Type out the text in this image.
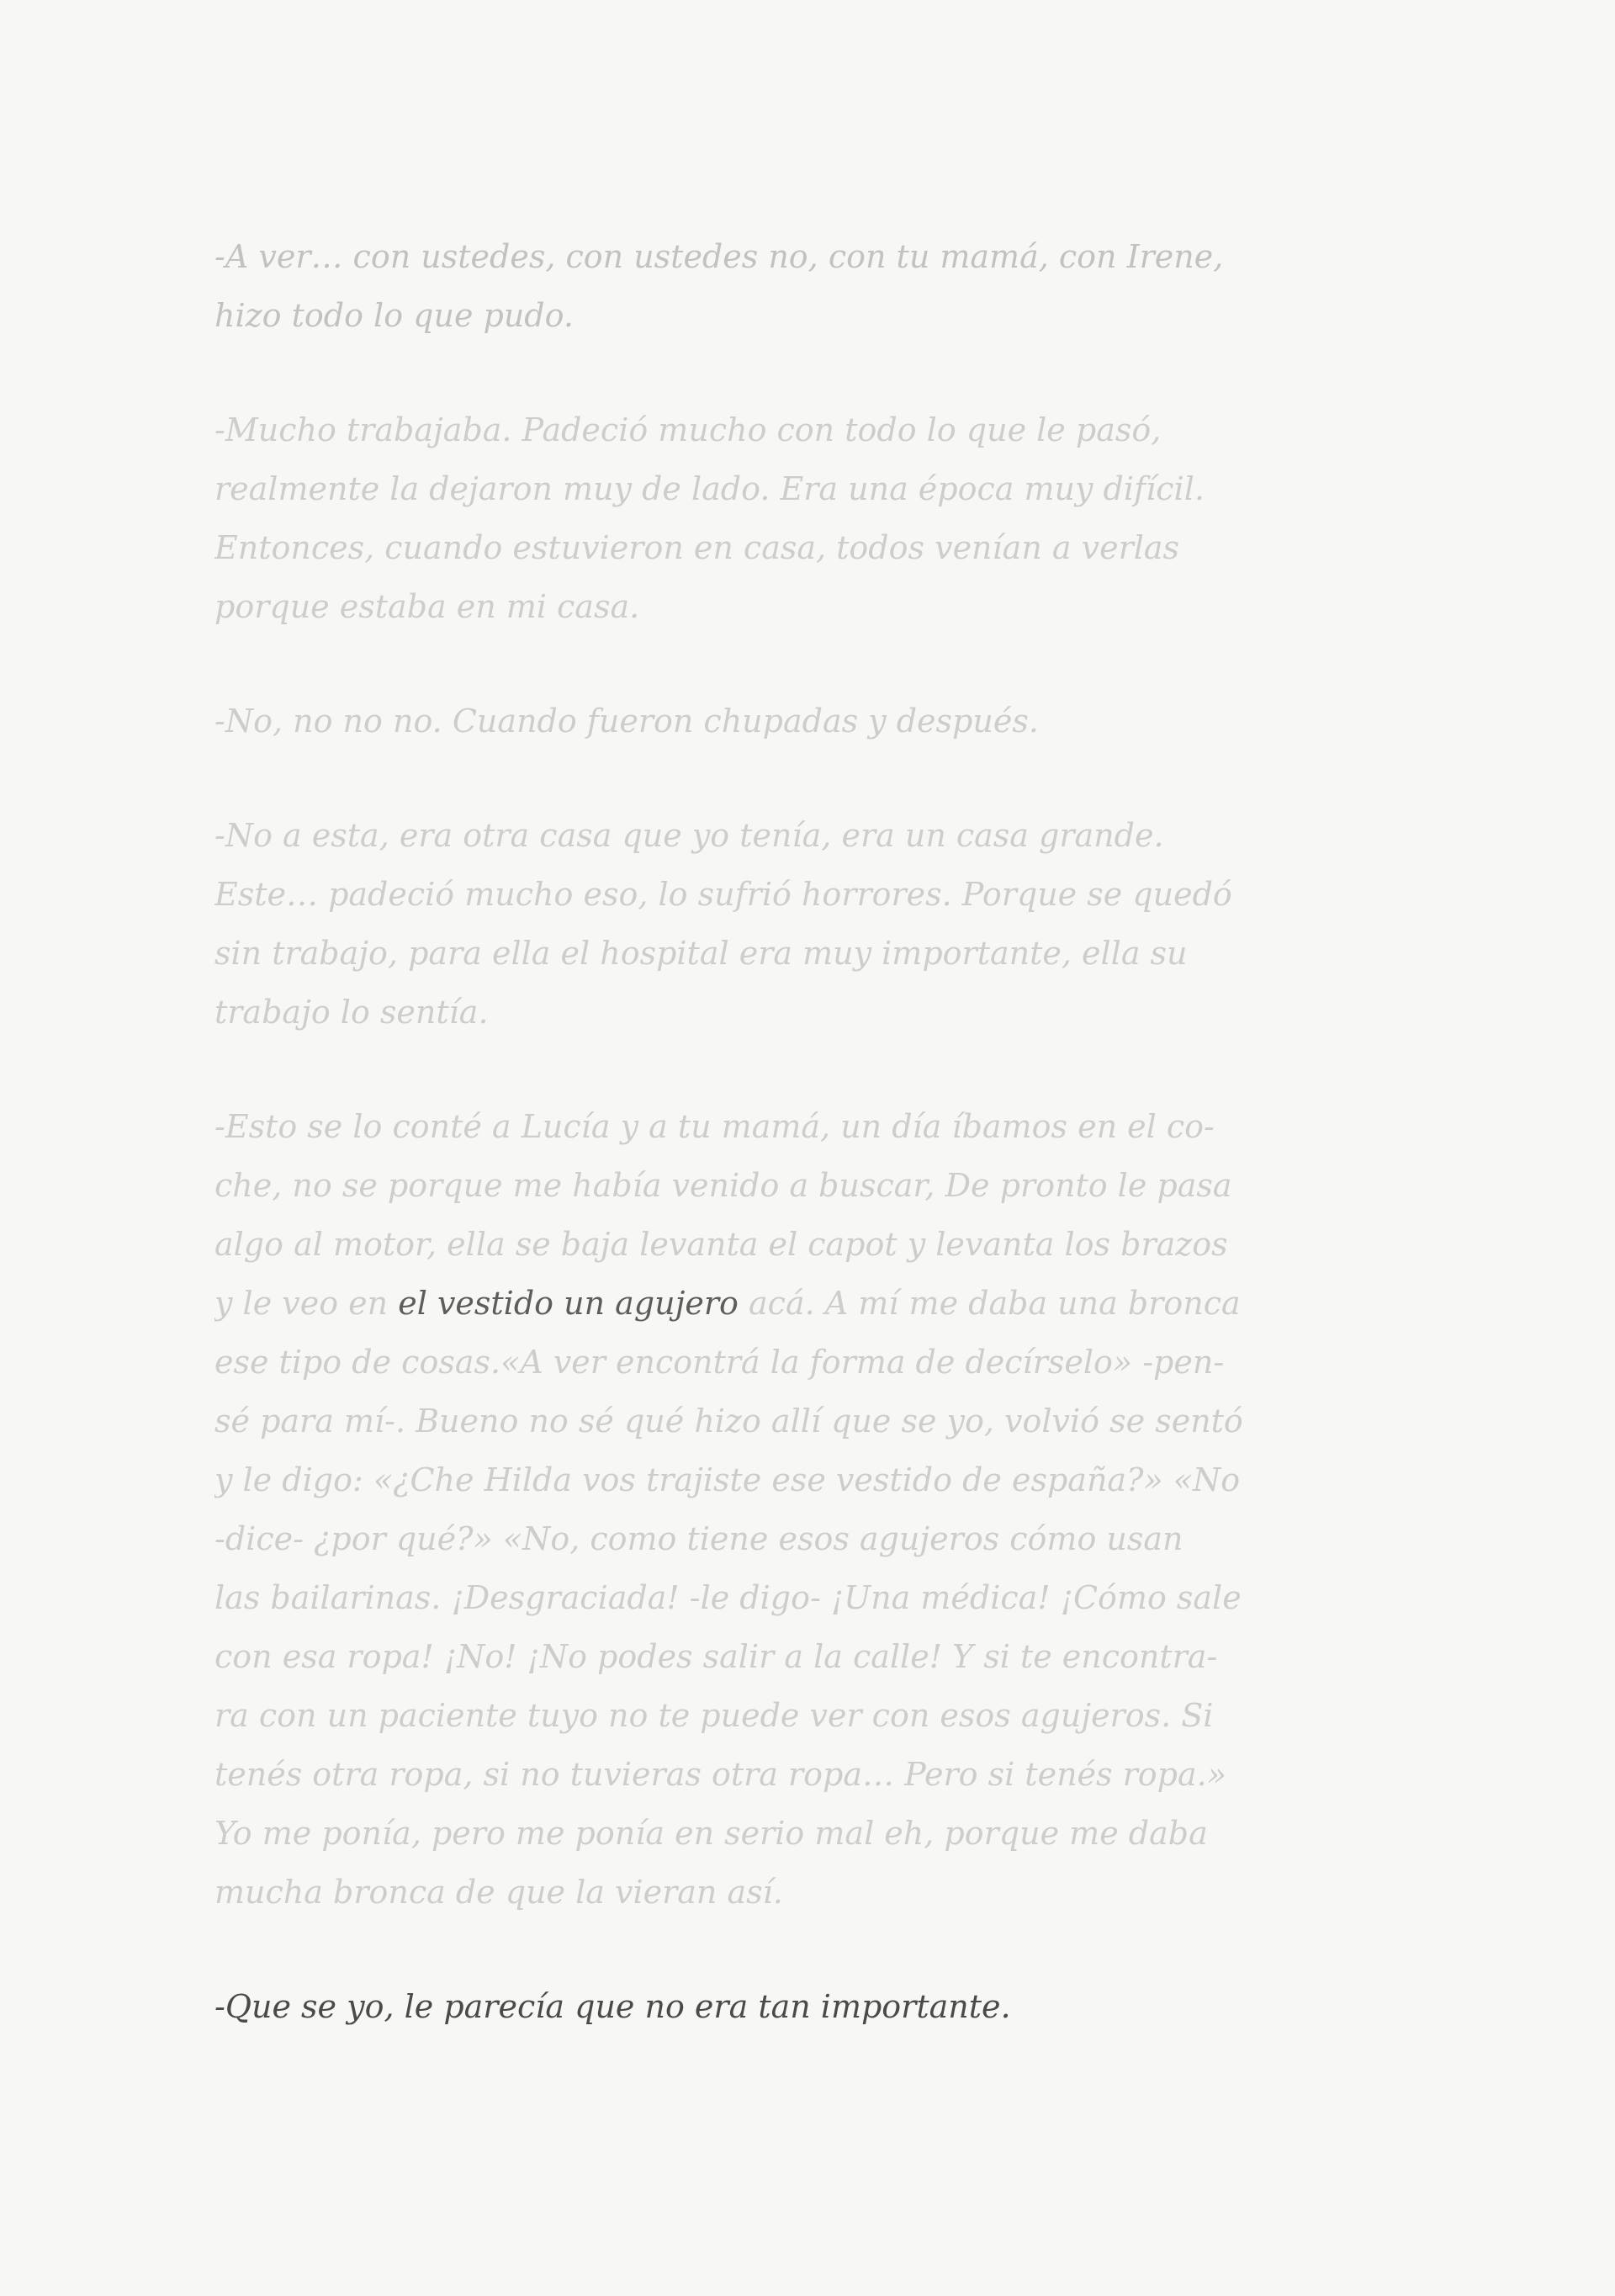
-A ver… con ustedes, con ustedes no, con tu mamá, con Irene,
hizo todo lo que pudo.
-Mucho trabajaba. Padeció mucho con todo lo que le pasó,
realmente la dejaron muy de lado. Era una época muy difícil.
Entonces, cuando estuvieron en casa, todos venían a verlas
porque estaba en mi casa.
-No, no no no. Cuando fueron chupadas y después.
-No a esta, era otra casa que yo tenía, era un casa grande.
Este… padeció mucho eso, lo sufrió horrores. Porque se quedó
sin trabajo, para ella el hospital era muy importante, ella su
trabajo lo sentía.
-Esto se lo conté a Lucía y a tu mamá, un día íbamos en el co-
che, no se porque me había venido a buscar, De pronto le pasa
algo al motor, ella se baja levanta el capot y levanta los brazos
y le veo en el vestido un agujero acá. A mí me daba una bronca
ese tipo de cosas.«A ver encontrá la forma de decírselo» -pen-
sé para mí-. Bueno no sé qué hizo allí que se yo, volvió se sentó
y le digo: «¿Che Hilda vos trajiste ese vestido de españa?» «No
-dice- ¿por qué?» «No, como tiene esos agujeros cómo usan
las bailarinas. ¡Desgraciada! -le digo- ¡Una médica! ¡Cómo sale
con esa ropa! ¡No! ¡No podes salir a la calle! Y si te encontra-
ra con un paciente tuyo no te puede ver con esos agujeros. Si
tenés otra ropa, si no tuvieras otra ropa… Pero si tenés ropa.»
Yo me ponía, pero me ponía en serio mal eh, porque me daba
mucha bronca de que la vieran así.
-Que se yo, le parecía que no era tan importante.
